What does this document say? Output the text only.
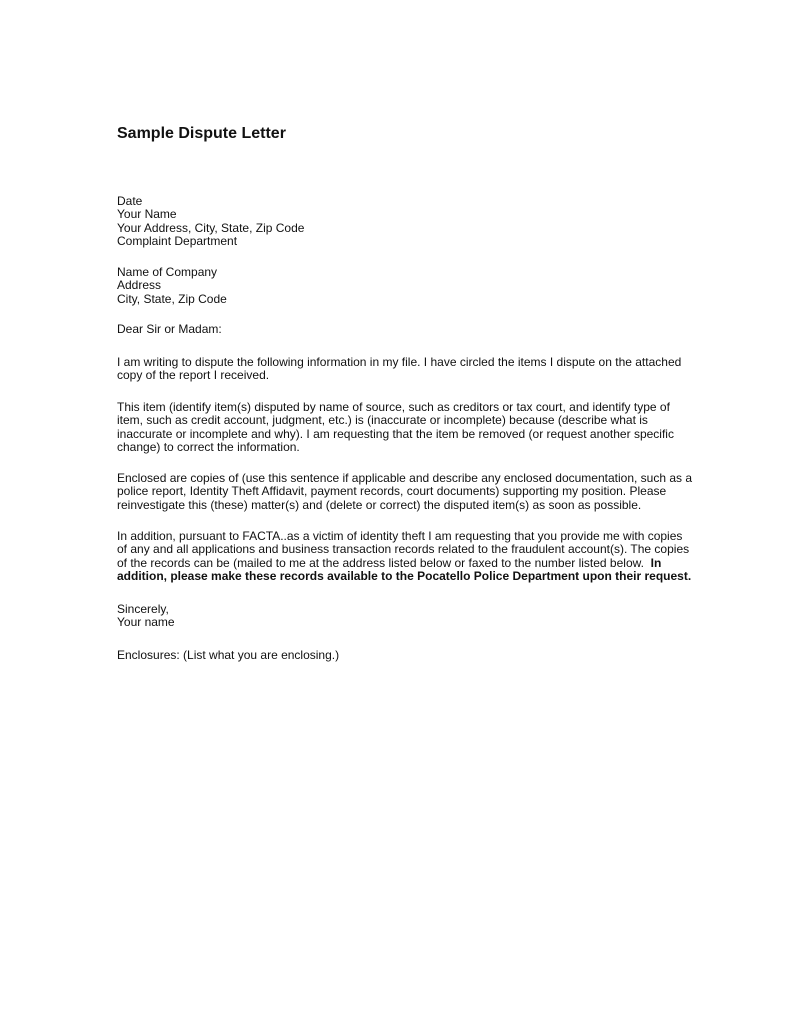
Sample Dispute Letter
Date
Your Name
Your Address, City, State, Zip Code
Complaint Department
Name of Company
Address
City, State, Zip Code
Dear Sir or Madam:
I am writing to dispute the following information in my file. I have circled the items I dispute on the attached
copy of the report I received.
This item (identify item(s) disputed by name of source, such as creditors or tax court, and identify type of
item, such as credit account, judgment, etc.) is (inaccurate or incomplete) because (describe what is
inaccurate or incomplete and why). I am requesting that the item be removed (or request another specific
change) to correct the information.
Enclosed are copies of (use this sentence if applicable and describe any enclosed documentation, such as a
police report, Identity Theft Affidavit, payment records, court documents) supporting my position. Please
reinvestigate this (these) matter(s) and (delete or correct) the disputed item(s) as soon as possible.
In addition, pursuant to FACTA..as a victim of identity theft I am requesting that you provide me with copies
of any and all applications and business transaction records related to the fraudulent account(s). The copies
of the records can be (mailed to me at the address listed below or faxed to the number listed below.  In
addition, please make these records available to the Pocatello Police Department upon their request.
Sincerely,
Your name
Enclosures: (List what you are enclosing.)
